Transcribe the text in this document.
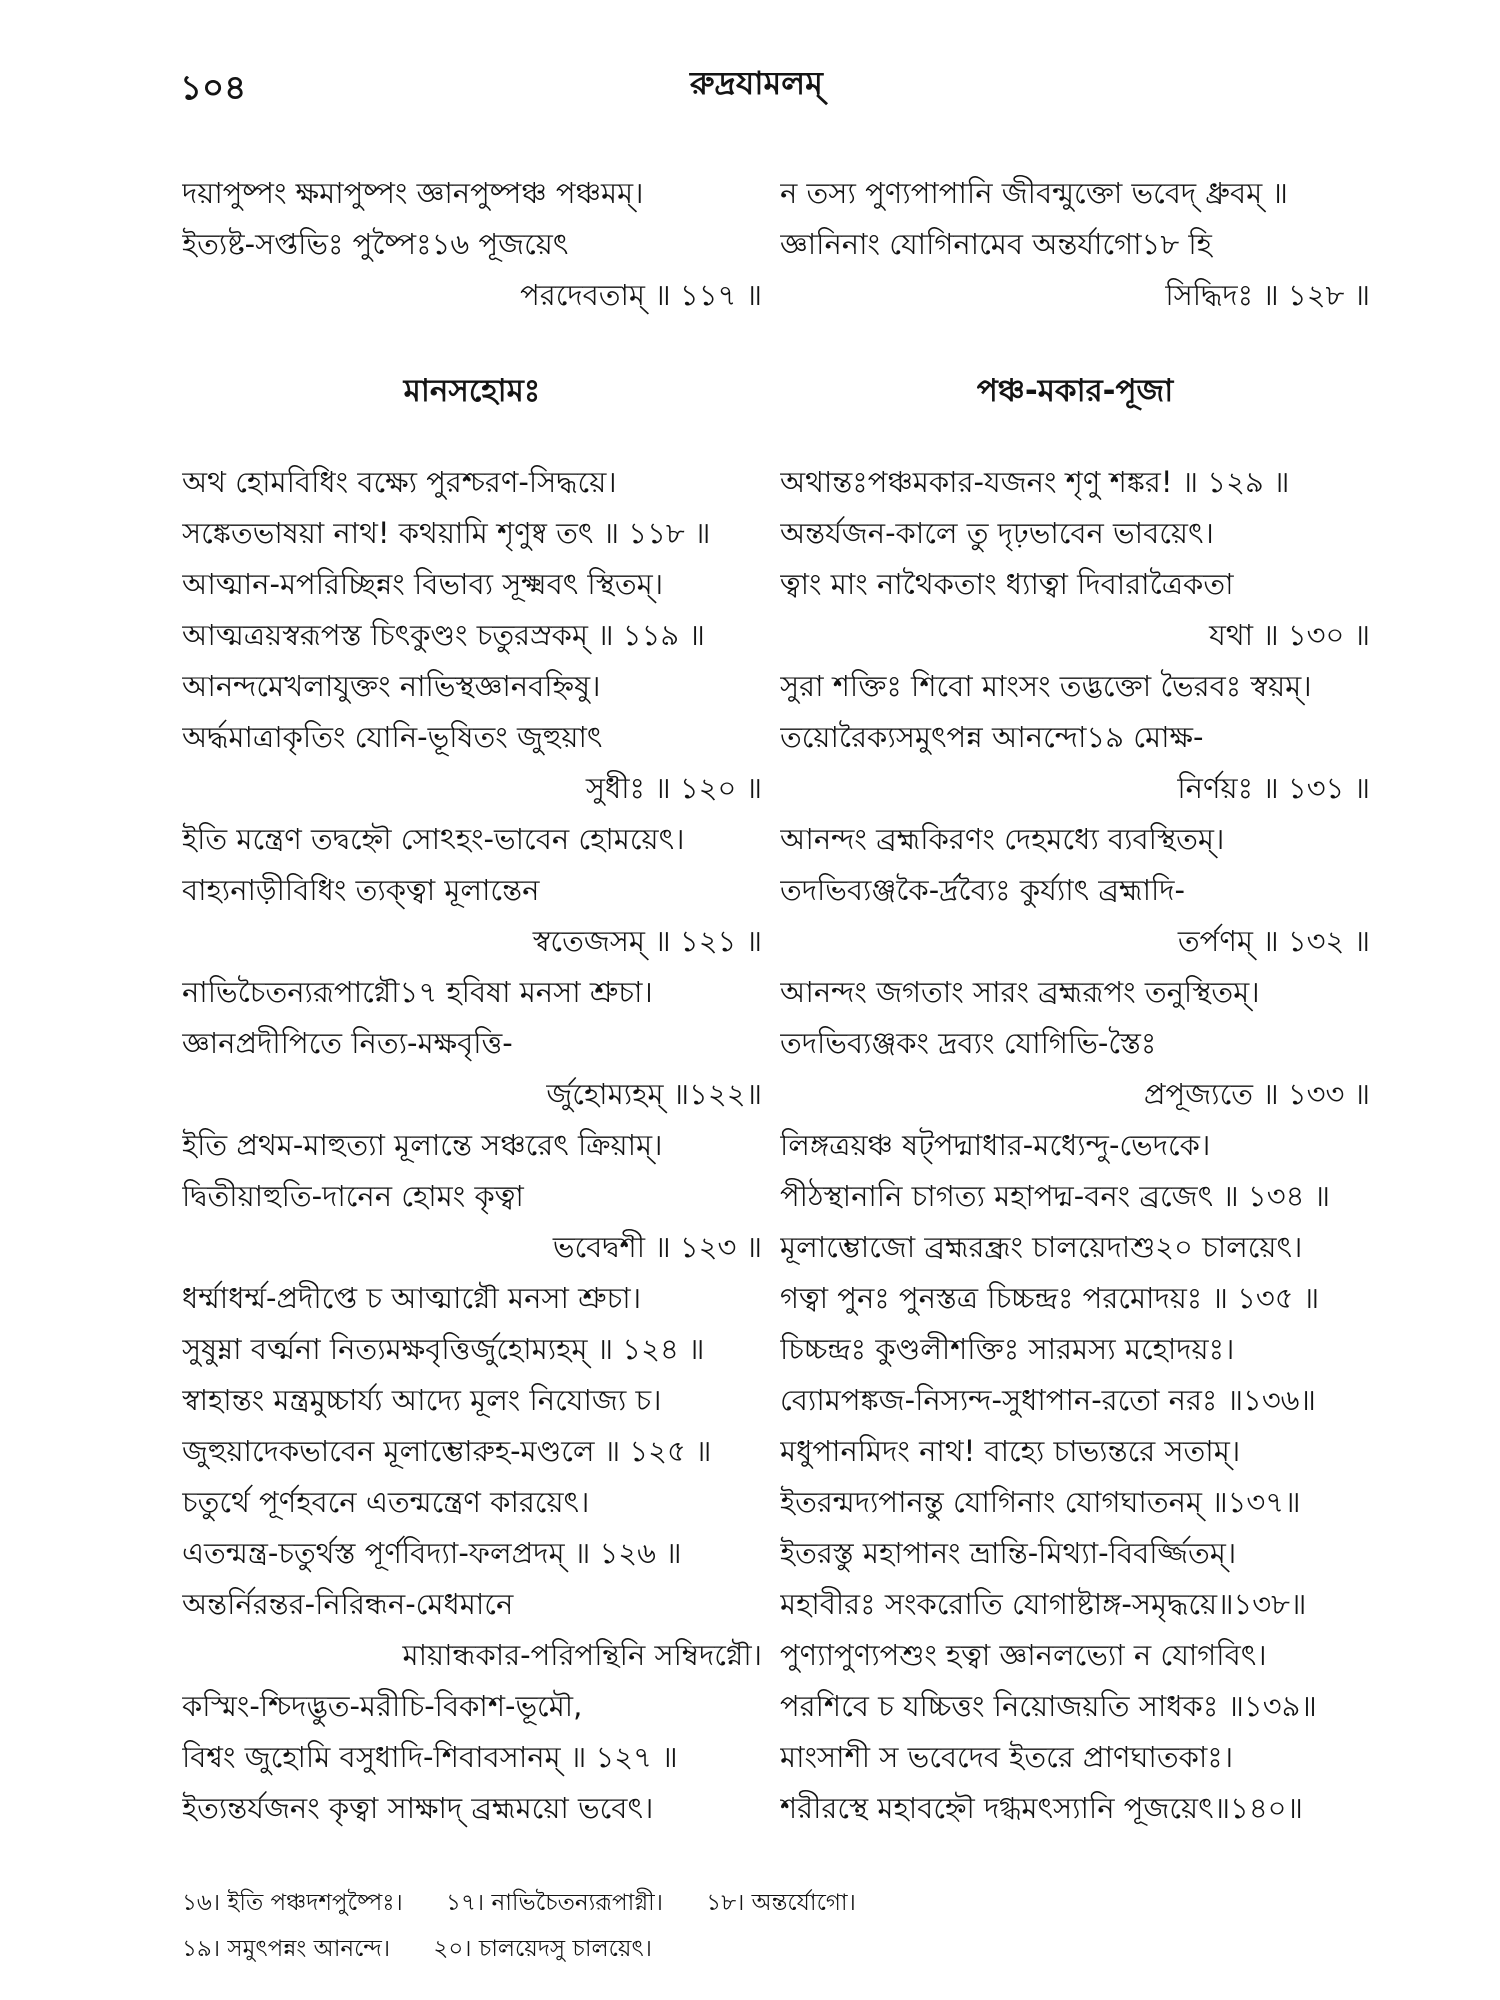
১০৪	রুদ্রযামলম্
দয়াপুষ্পং ক্ষমাপুষ্পং জ্ঞানপুষ্পঞ্চ পঞ্চমম্।
ইত্যষ্ট-সপ্তভিঃ পুষ্পৈঃ১৬ পূজয়েৎ
পরদেবতাম্ ॥ ১১৭ ॥
মানসহোমঃ
অথ হোমবিধিং বক্ষ্যে পুরশ্চরণ-সিদ্ধয়ে।
সঙ্কেতভাষয়া নাথ! কথয়ামি শৃণুষ্ব তৎ ॥ ১১৮ ॥
আত্মান-মপরিচ্ছিন্নং বিভাব্য সূক্ষ্মবৎ স্থিতম্।
আত্মত্রয়স্বরূপস্ত চিৎকুণ্ডং চতুরস্রকম্ ॥ ১১৯ ॥
আনন্দমেখলাযুক্তং নাভিস্থজ্ঞানবহ্নিষু।
অর্দ্ধমাত্রাকৃতিং যোনি-ভূষিতং জুহুয়াৎ
সুধীঃ ॥ ১২০ ॥
ইতি মন্ত্রেণ তদ্বহ্নৌ সোঽহং-ভাবেন হোময়েৎ।
বাহ্যনাড়ীবিধিং ত্যক্ত্বা মূলান্তেন
স্বতেজসম্ ॥ ১২১ ॥
নাভিচৈতন্যরূপাগ্নৌ১৭ হবিষা মনসা শ্রুচা।
জ্ঞানপ্রদীপিতে নিত্য-মক্ষবৃত্তি-
র্জুহোম্যহম্ ॥১২২॥
ইতি প্রথম-মাহুত্যা মূলান্তে সঞ্চরেৎ ক্রিয়াম্।
দ্বিতীয়াহুতি-দানেন হোমং কৃত্বা
ভবেদ্বশী ॥ ১২৩ ॥
ধর্ম্মাধর্ম্ম-প্রদীপ্তে চ আত্মাগ্নৌ মনসা শ্রুচা।
সুষুম্না বর্ত্মনা নিত্যমক্ষবৃত্তির্জুহোম্যহম্ ॥ ১২৪ ॥
স্বাহান্তং মন্ত্রমুচ্চার্য্য আদ্যে মূলং নিযোজ্য চ।
জুহুয়াদেকভাবেন মূলাম্ভোরুহ-মণ্ডলে ॥ ১২৫ ॥
চতুর্থে পূর্ণহবনে এতন্মন্ত্রেণ কারয়েৎ।
এতন্মন্ত্র-চতুর্থস্ত পূর্ণবিদ্যা-ফলপ্রদম্ ॥ ১২৬ ॥
অন্তর্নিরন্তর-নিরিন্ধন-মেধমানে
মায়ান্ধকার-পরিপন্থিনি সম্বিদগ্নৌ।
কস্মিং-শ্চিদদ্ভুত-মরীচি-বিকাশ-ভূমৌ,
বিশ্বং জুহোমি বসুধাদি-শিবাবসানম্ ॥ ১২৭ ॥
ইত্যন্তর্যজনং কৃত্বা সাক্ষাদ্ ব্রহ্মময়ো ভবেৎ।
ন তস্য পুণ্যপাপানি জীবন্মুক্তো ভবেদ্ ধ্রুবম্ ॥
জ্ঞানিনাং যোগিনামেব অন্তর্যাগো১৮ হি
সিদ্ধিদঃ ॥ ১২৮ ॥
পঞ্চ-মকার-পূজা
অথান্তঃপঞ্চমকার-যজনং শৃণু শঙ্কর! ॥ ১২৯ ॥
অন্তর্যজন-কালে তু দৃঢ়ভাবেন ভাবয়েৎ।
ত্বাং মাং নাথৈকতাং ধ্যাত্বা দিবারাত্রৈকতা
যথা ॥ ১৩০ ॥
সুরা শক্তিঃ শিবো মাংসং তদ্ভক্তো ভৈরবঃ স্বয়ম্।
তয়োরৈক্যসমুৎপন্ন আনন্দো১৯ মোক্ষ-
নির্ণয়ঃ ॥ ১৩১ ॥
আনন্দং ব্রহ্মকিরণং দেহমধ্যে ব্যবস্থিতম্।
তদভিব্যঞ্জকৈ-র্দ্রব্যৈঃ কুর্য্যাৎ ব্রহ্মাদি-
তর্পণম্ ॥ ১৩২ ॥
আনন্দং জগতাং সারং ব্রহ্মরূপং তনুস্থিতম্।
তদভিব্যঞ্জকং দ্রব্যং যোগিভি-স্তৈঃ
প্রপূজ্যতে ॥ ১৩৩ ॥
লিঙ্গত্রয়ঞ্চ ষট্পদ্মাধার-মধ্যেন্দু-ভেদকে।
পীঠস্থানানি চাগত্য মহাপদ্ম-বনং ব্রজেৎ ॥ ১৩৪ ॥
মূলাম্ভোজো ব্রহ্মরন্ধ্রং চালয়েদাশু২০ চালয়েৎ।
গত্বা পুনঃ পুনস্তত্র চিচ্চন্দ্রঃ পরমোদয়ঃ ॥ ১৩৫ ॥
চিচ্চন্দ্রঃ কুণ্ডলীশক্তিঃ সারমস্য মহোদয়ঃ।
ব্যোমপঙ্কজ-নিস্যন্দ-সুধাপান-রতো নরঃ ॥১৩৬॥
মধুপানমিদং নাথ! বাহ্যে চাভ্যন্তরে সতাম্।
ইতরন্মদ্যপানন্তু যোগিনাং যোগঘাতনম্ ॥১৩৭॥
ইতরস্তু মহাপানং ভ্রান্তি-মিথ্যা-বিবর্জ্জিতম্।
মহাবীরঃ সংকরোতি যোগাষ্টাঙ্গ-সমৃদ্ধয়ে॥১৩৮॥
পুণ্যাপুণ্যপশুং হত্বা জ্ঞানলভ্যো ন যোগবিৎ।
পরশিবে চ যচ্চিত্তং নিয়োজয়তি সাধকঃ ॥১৩৯॥
মাংসাশী স ভবেদেব ইতরে প্রাণঘাতকাঃ।
শরীরস্থে মহাবহ্নৌ দগ্ধমৎস্যানি পূজয়েৎ॥১৪০॥
১৬। ইতি পঞ্চদশপুষ্পৈঃ। ১৭। নাভিচৈতন্যরূপাগ্নী। ১৮। অন্তর্যোগো।
১৯। সমুৎপন্নং আনন্দে। ২০। চালয়েদসু চালয়েৎ।
